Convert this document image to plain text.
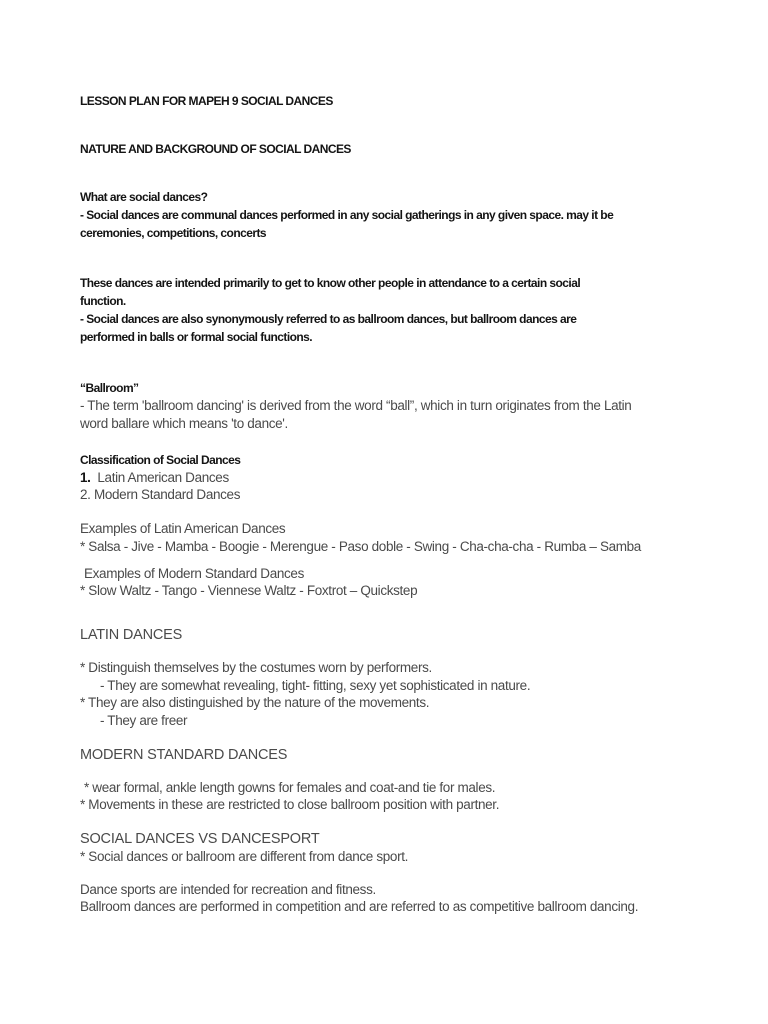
LESSON PLAN FOR MAPEH 9 SOCIAL DANCES
NATURE AND BACKGROUND OF SOCIAL DANCES
What are social dances?
- Social dances are communal dances performed in any social gatherings in any given space. may it be
ceremonies, competitions, concerts
These dances are intended primarily to get to know other people in attendance to a certain social
function.
- Social dances are also synonymously referred to as ballroom dances, but ballroom dances are
performed in balls or formal social functions.
“Ballroom”
- The term 'ballroom dancing' is derived from the word “ball”, which in turn originates from the Latin
word ballare which means 'to dance'.
Classification of Social Dances
1. Latin American Dances
2. Modern Standard Dances
Examples of Latin American Dances
* Salsa - Jive - Mamba - Boogie - Merengue - Paso doble - Swing - Cha-cha-cha - Rumba – Samba
Examples of Modern Standard Dances
* Slow Waltz - Tango - Viennese Waltz - Foxtrot – Quickstep
LATIN DANCES
* Distinguish themselves by the costumes worn by performers.
- They are somewhat revealing, tight- fitting, sexy yet sophisticated in nature.
* They are also distinguished by the nature of the movements.
- They are freer
MODERN STANDARD DANCES
* wear formal, ankle length gowns for females and coat-and tie for males.
* Movements in these are restricted to close ballroom position with partner.
SOCIAL DANCES VS DANCESPORT
* Social dances or ballroom are different from dance sport.
Dance sports are intended for recreation and fitness.
Ballroom dances are performed in competition and are referred to as competitive ballroom dancing.
